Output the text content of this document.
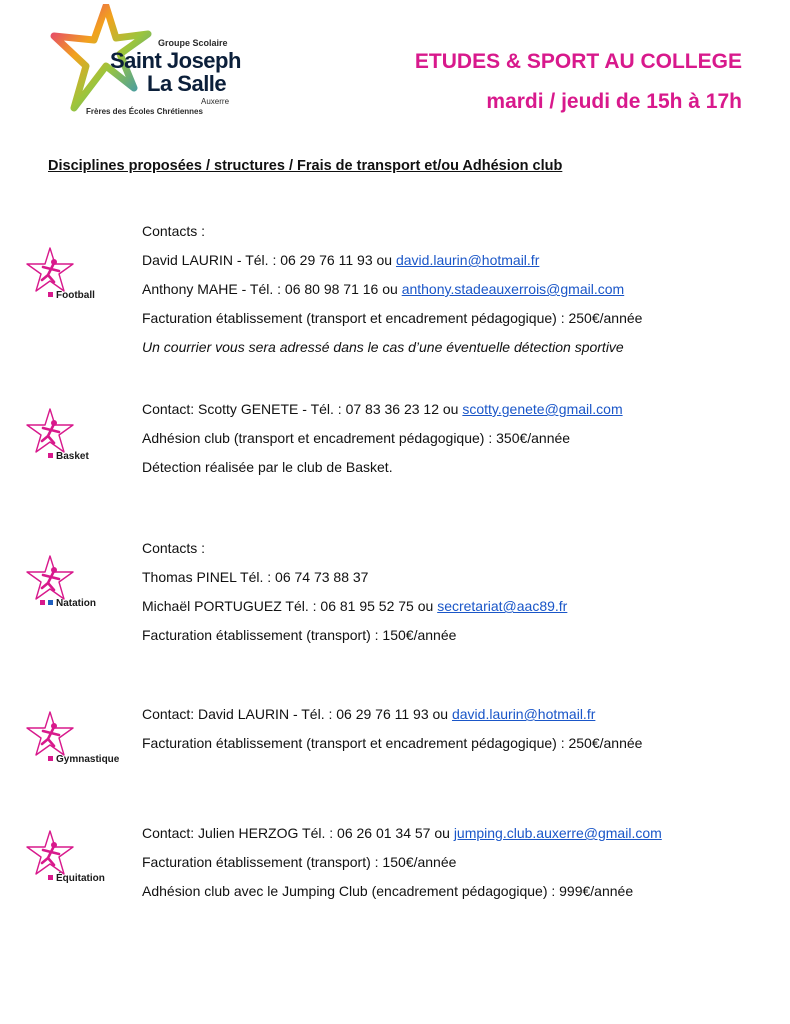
Groupe Scolaire
Saint Joseph
La Salle
Auxerre
Frères des Écoles Chrétiennes
ETUDES & SPORT AU COLLEGE
mardi / jeudi de 15h à 17h
Disciplines proposées / structures / Frais de transport et/ou Adhésion club
Football
Contacts :
David LAURIN - Tél. : 06 29 76 11 93 ou david.laurin@hotmail.fr
Anthony MAHE - Tél. : 06 80 98 71 16 ou anthony.stadeauxerrois@gmail.com
Facturation établissement (transport et encadrement pédagogique) : 250€/année
Un courrier vous sera adressé dans le cas d’une éventuelle détection sportive
Basket
Contact: Scotty GENETE - Tél. : 07 83 36 23 12 ou scotty.genete@gmail.com
Adhésion club (transport et encadrement pédagogique) : 350€/année
Détection réalisée par le club de Basket.
Natation
Contacts :
Thomas PINEL Tél. : 06 74 73 88 37
Michaël PORTUGUEZ Tél. : 06 81 95 52 75 ou secretariat@aac89.fr
Facturation établissement (transport) : 150€/année
Gymnastique
Contact: David LAURIN - Tél. : 06 29 76 11 93 ou david.laurin@hotmail.fr
Facturation établissement (transport et encadrement pédagogique) : 250€/année
Équitation
Contact: Julien HERZOG Tél. : 06 26 01 34 57 ou jumping.club.auxerre@gmail.com
Facturation établissement (transport) : 150€/année
Adhésion club avec le Jumping Club (encadrement pédagogique) : 999€/année
